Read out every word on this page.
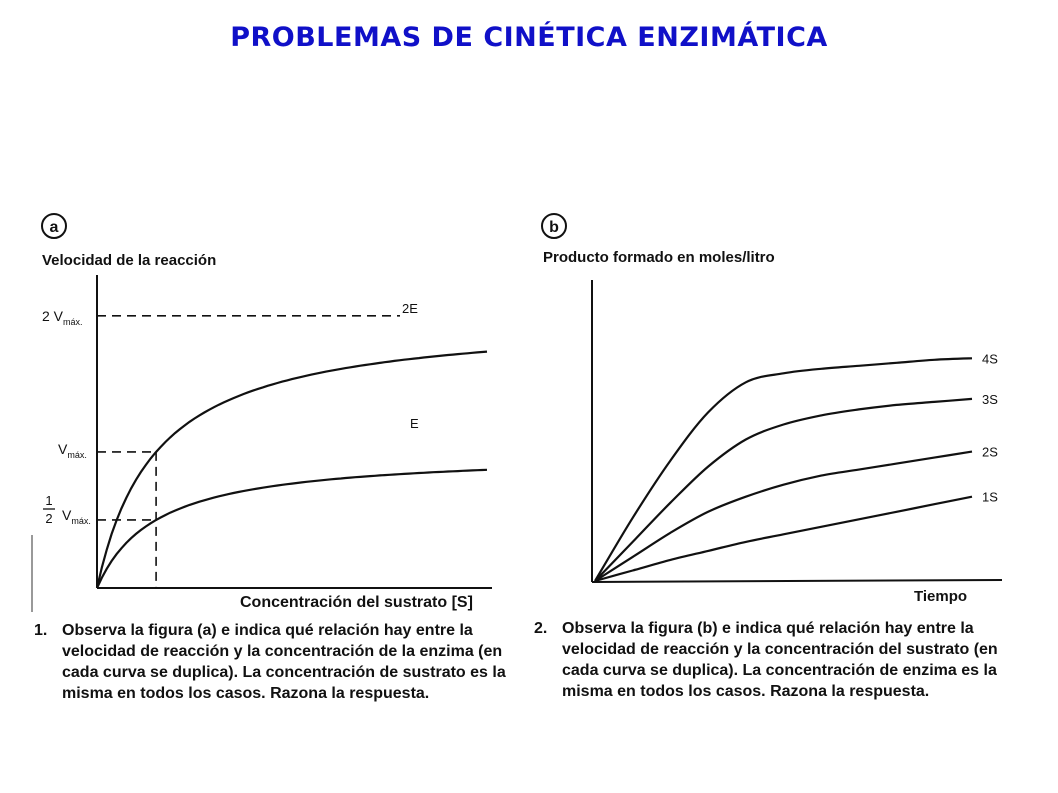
PROBLEMAS DE CINÉTICA ENZIMÁTICA
a
Velocidad de la reacción
Concentración del sustrato [S]
2E
E
2 $V_{máx.}$
$V_{máx.}$
1
2 $V_{máx.}$
b
Producto formado en moles/litro
Tiempo
4S
3S
2S
1S
1. Observa la figura (a) e indica qué relación hay entre la velocidad de reacción y la concentración de la enzima (en cada curva se duplica). La concentración de sustrato es la misma en todos los casos. Razona la respuesta.
2. Observa la figura (b) e indica qué relación hay entre la velocidad de reacción y la concentración del sustrato (en cada curva se duplica). La concentración de enzima es la misma en todos los casos. Razona la respuesta.
